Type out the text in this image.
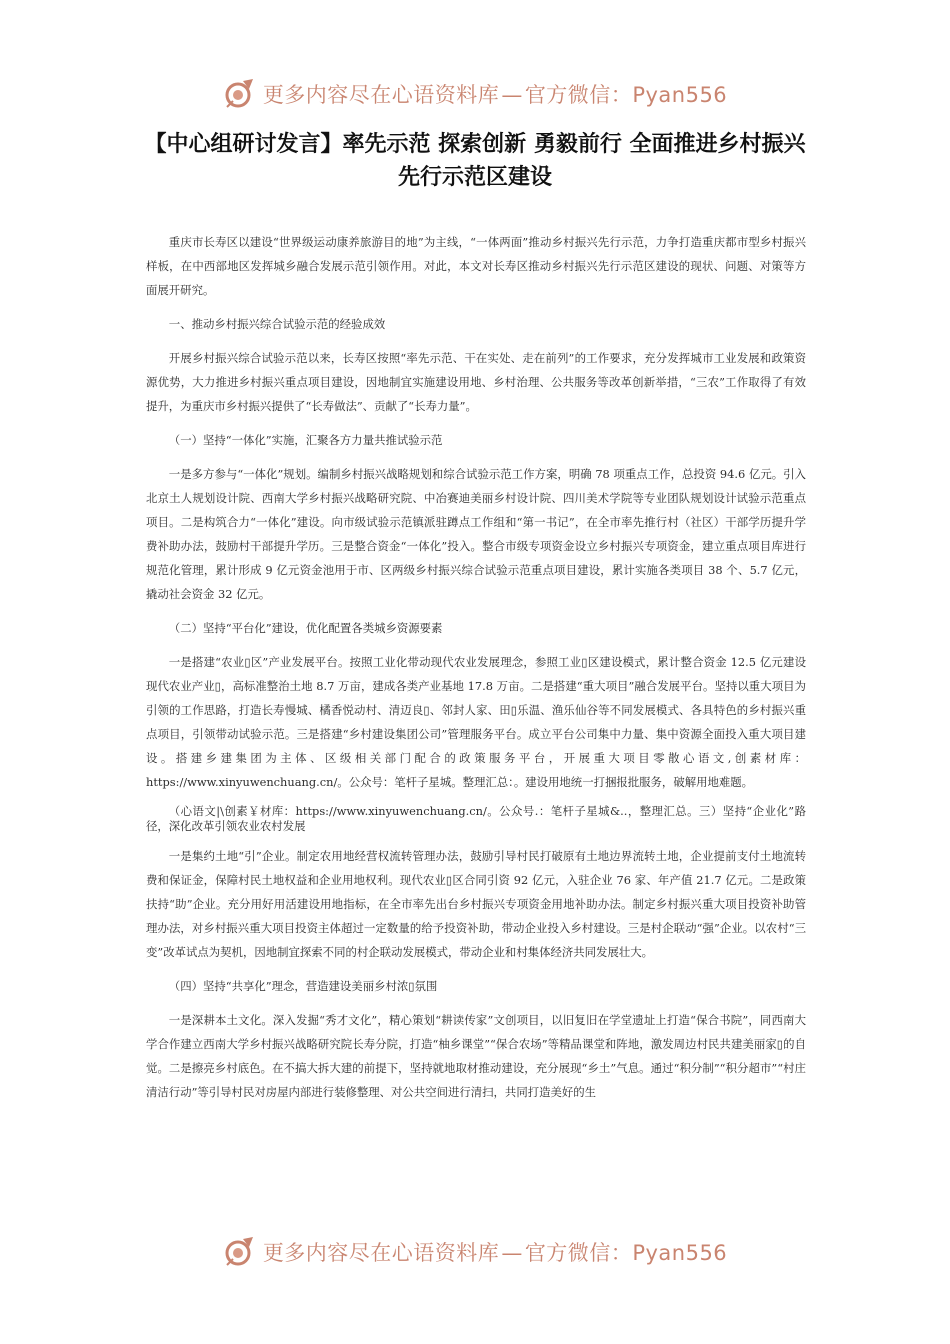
更多内容尽在心语资料库—官方微信：Pyan556
【中心组研讨发言】率先示范 探索创新 勇毅前行 全面推进乡村振兴先行示范区建设

重庆市长寿区以建设“世界级运动康养旅游目的地”为主线，“一体两面”推动乡村振兴先行示范，力争打造重庆都市型乡村振兴样板，在中西部地区发挥城乡融合发展示范引领作用。对此，本文对长寿区推动乡村振兴先行示范区建设的现状、问题、对策等方面展开研究。

一、推动乡村振兴综合试验示范的经验成效

开展乡村振兴综合试验示范以来，长寿区按照“率先示范、干在实处、走在前列”的工作要求，充分发挥城市工业发展和政策资源优势，大力推进乡村振兴重点项目建设，因地制宜实施建设用地、乡村治理、公共服务等改革创新举措，“三农”工作取得了有效提升，为重庆市乡村振兴提供了“长寿做法”、贡献了“长寿力量”。

（一）坚持“一体化”实施，汇聚各方力量共推试验示范

一是多方参与“一体化”规划。编制乡村振兴战略规划和综合试验示范工作方案，明确 78 项重点工作，总投资 94.6 亿元。引入北京土人规划设计院、西南大学乡村振兴战略研究院、中冶赛迪美丽乡村设计院、四川美术学院等专业团队规划设计试验示范重点项目。二是构筑合力“一体化”建设。向市级试验示范镇派驻蹲点工作组和“第一书记”，在全市率先推行村（社区）干部学历提升学费补助办法，鼓励村干部提升学历。三是整合资金“一体化”投入。整合市级专项资金设立乡村振兴专项资金，建立重点项目库进行规范化管理，累计形成 9 亿元资金池用于市、区两级乡村振兴综合试验示范重点项目建设，累计实施各类项目 38 个、5.7 亿元，撬动社会资金 32 亿元。

（二）坚持“平台化”建设，优化配置各类城乡资源要素

一是搭建“农业▯区”产业发展平台。按照工业化带动现代农业发展理念，参照工业▯区建设模式，累计整合资金 12.5 亿元建设现代农业产业▯，高标准整治土地 8.7 万亩，建成各类产业基地 17.8 万亩。二是搭建“重大项目”融合发展平台。坚持以重大项目为引领的工作思路，打造长寿慢城、橘香悦动村、清迈良▯、邻封人家、田▯乐温、渔乐仙谷等不同发展模式、各具特色的乡村振兴重点项目，引领带动试验示范。三是搭建“乡村建设集团公司”管理服务平台。成立平台公司集中力量、集中资源全面投入重大项目建设。搭建乡建集团为主体、区级相关部门配合的政策服务平台，开展重大项目零散心语文,创素材库：https://www.xinyuwenchuang.cn/。公众号：笔杆子星城。整理汇总：。建设用地统一打捆报批服务，破解用地难题。

（心语文|\创素￥材库：https://www.xinyuwenchuang.cn/。公众号.：笔杆子星城&..，整理汇总。三）坚持“企业化”路径，深化改革引领农业农村发展

一是集约土地“引”企业。制定农用地经营权流转管理办法，鼓励引导村民打破原有土地边界流转土地，企业提前支付土地流转费和保证金，保障村民土地权益和企业用地权利。现代农业▯区合同引资 92 亿元，入驻企业 76 家、年产值 21.7 亿元。二是政策扶持“助”企业。充分用好用活建设用地指标，在全市率先出台乡村振兴专项资金用地补助办法。制定乡村振兴重大项目投资补助管理办法，对乡村振兴重大项目投资主体超过一定数量的给予投资补助，带动企业投入乡村建设。三是村企联动“强”企业。以农村“三变”改革试点为契机，因地制宜探索不同的村企联动发展模式，带动企业和村集体经济共同发展壮大。

（四）坚持“共享化”理念，营造建设美丽乡村浓▯氛围

一是深耕本土文化。深入发掘“秀才文化”，精心策划“耕读传家”文创项目，以旧复旧在学堂遗址上打造“保合书院”，同西南大学合作建立西南大学乡村振兴战略研究院长寿分院，打造“柚乡课堂”“保合农场”等精品课堂和阵地，激发周边村民共建美丽家▯的自觉。二是擦亮乡村底色。在不搞大拆大建的前提下，坚持就地取材推动建设，充分展现“乡土”气息。通过“积分制”“积分超市”“村庄清洁行动”等引导村民对房屋内部进行装修整理、对公共空间进行清扫，共同打造美好的生

更多内容尽在心语资料库—官方微信：Pyan556
